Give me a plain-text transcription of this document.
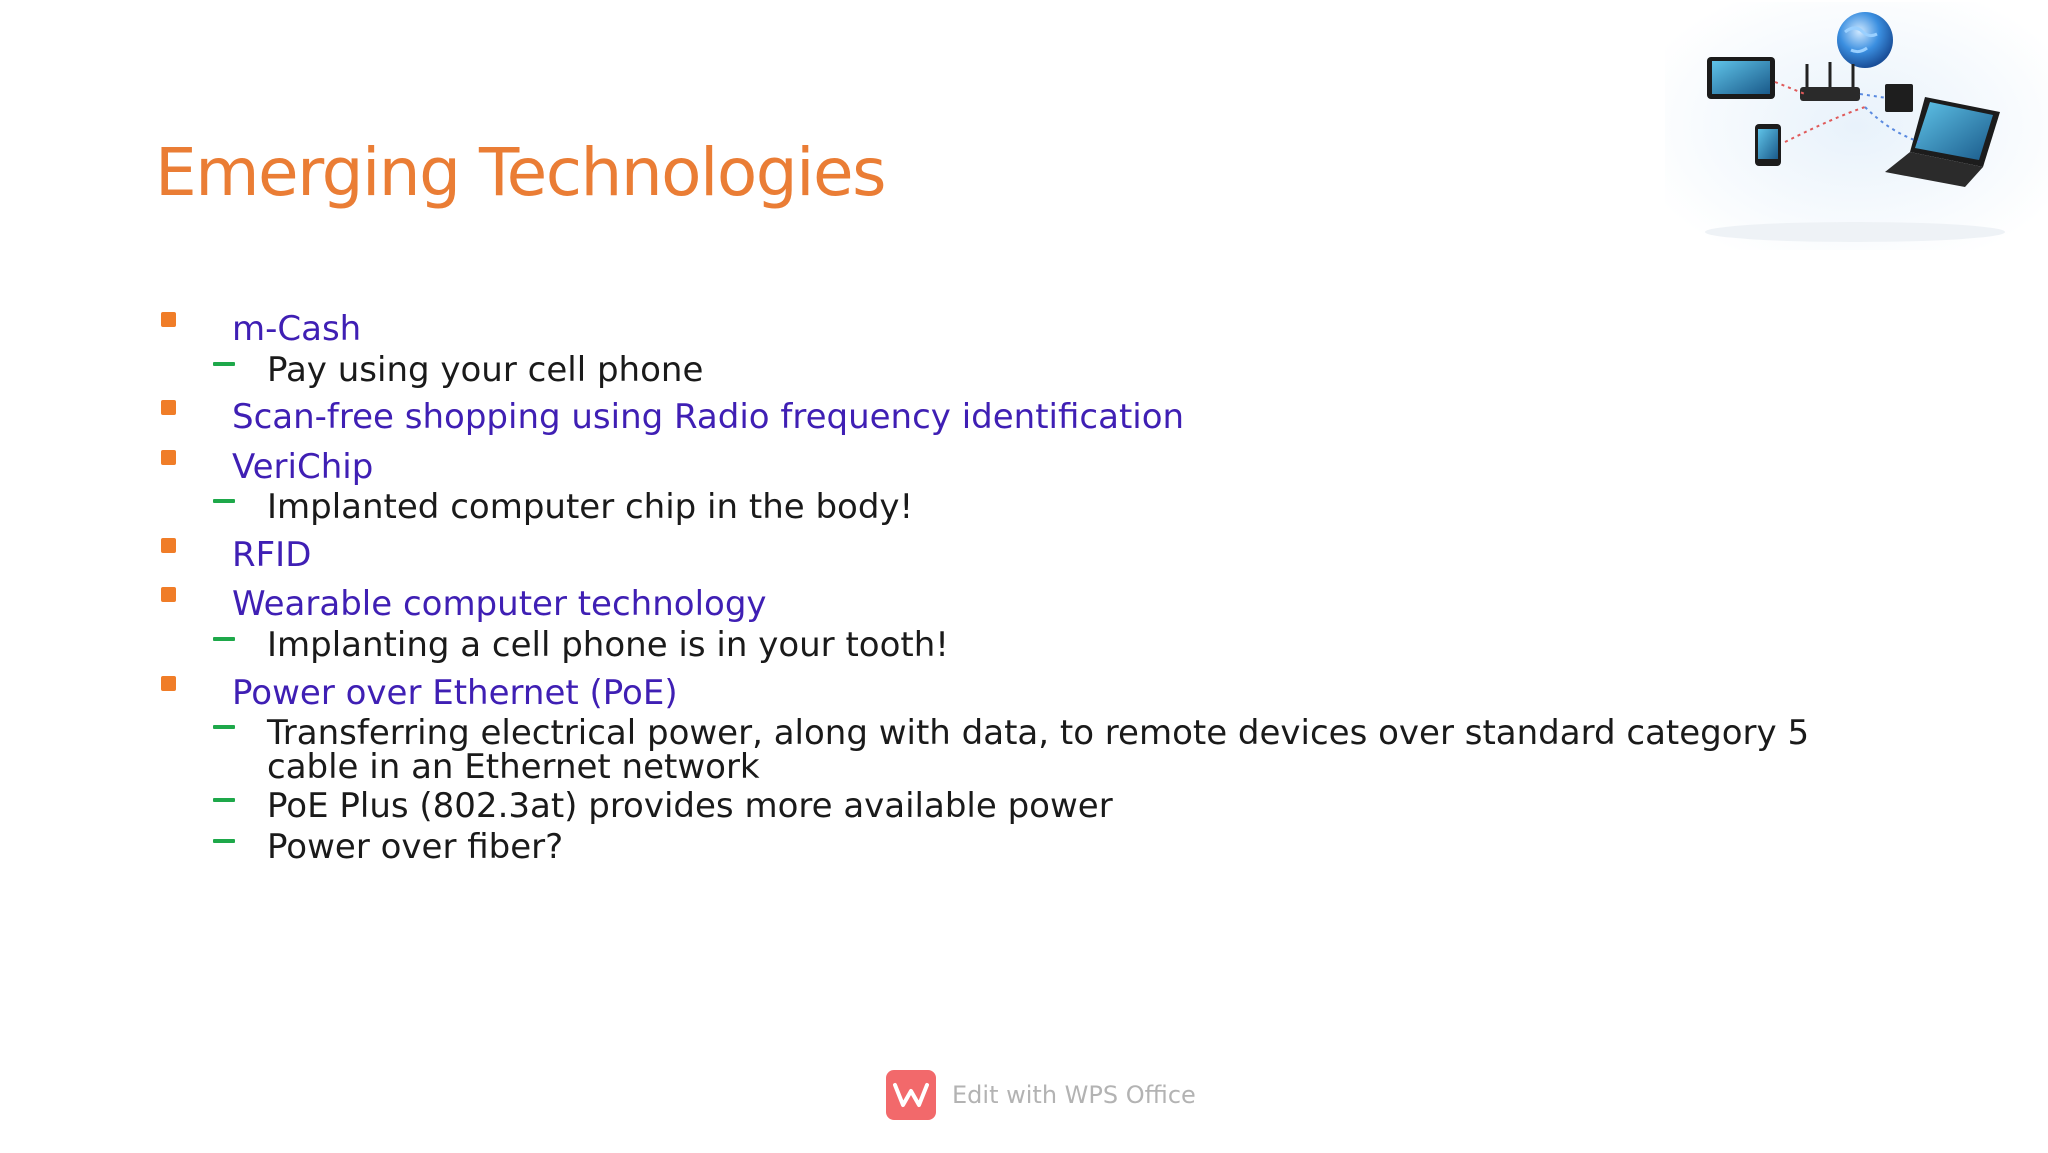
Emerging Technologies
m-Cash
Pay using your cell phone
Scan-free shopping using Radio frequency identification
VeriChip
Implanted computer chip in the body!
RFID
Wearable computer technology
Implanting a cell phone is in your tooth!
Power over Ethernet (PoE)
Transferring electrical power, along with data, to remote devices over standard category 5 cable in an Ethernet network
PoE Plus (802.3at) provides more available power
Power over fiber?
Edit with WPS Office
